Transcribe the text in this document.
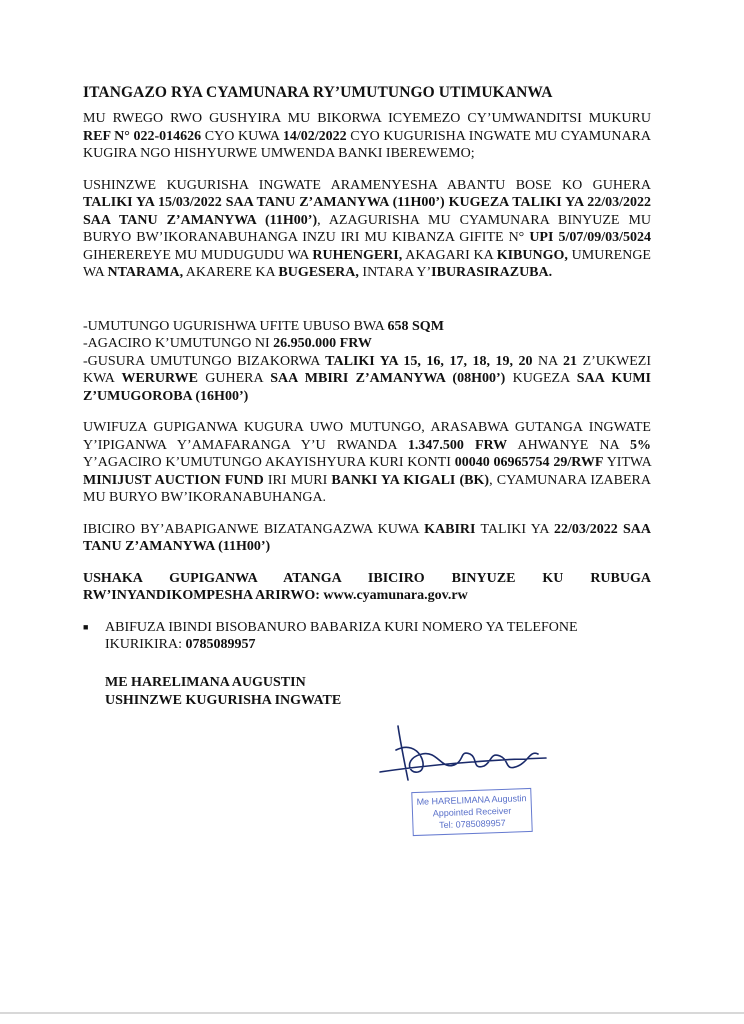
ITANGAZO RYA CYAMUNARA RY’UMUTUNGO UTIMUKANWA

MU RWEGO RWO GUSHYIRA MU BIKORWA ICYEMEZO CY’UMWANDITSI MUKURU REF N° 022-014626 CYO KUWA 14/02/2022 CYO KUGURISHA INGWATE MU CYAMUNARA KUGIRA NGO HISHYURWE UMWENDA BANKI IBEREWEMO;

USHINZWE KUGURISHA INGWATE ARAMENYESHA ABANTU BOSE KO GUHERA TALIKI YA 15/03/2022 SAA TANU Z’AMANYWA (11H00’) KUGEZA TALIKI YA 22/03/2022 SAA TANU Z’AMANYWA (11H00’), AZAGURISHA MU CYAMUNARA BINYUZE MU BURYO BW’IKORANABUHANGA INZU IRI MU KIBANZA GIFITE N° UPI 5/07/09/03/5024 GIHEREREYE MU MUDUGUDU WA RUHENGERI, AKAGARI KA KIBUNGO, UMURENGE WA NTARAMA, AKARERE KA BUGESERA, INTARA Y’IBURASIRAZUBA.

-UMUTUNGO UGURISHWA UFITE UBUSO BWA 658 SQM

-AGACIRO K’UMUTUNGO NI 26.950.000 FRW

-GUSURA UMUTUNGO BIZAKORWA TALIKI YA 15, 16, 17, 18, 19, 20 NA 21 Z’UKWEZI KWA WERURWE GUHERA SAA MBIRI Z’AMANYWA (08H00’) KUGEZA SAA KUMI Z’UMUGOROBA (16H00’)

UWIFUZA GUPIGANWA KUGURA UWO MUTUNGO, ARASABWA GUTANGA INGWATE Y’IPIGANWA Y’AMAFARANGA Y’U RWANDA 1.347.500 FRW AHWANYE NA 5% Y’AGACIRO K’UMUTUNGO AKAYISHYURA KURI KONTI 00040 06965754 29/RWF YITWA MINIJUST AUCTION FUND IRI MURI BANKI YA KIGALI (BK), CYAMUNARA IZABERA MU BURYO BW’IKORANABUHANGA.

IBICIRO BY’ABAPIGANWE BIZATANGAZWA KUWA KABIRI TALIKI YA 22/03/2022 SAA TANU Z’AMANYWA (11H00’)

USHAKA GUPIGANWA ATANGA IBICIRO BINYUZE KU RUBUGA RW’INYANDIKOMPESHA ARIRWO: www.cyamunara.gov.rw

■	ABIFUZA IBINDI BISOBANURO BABARIZA KURI NOMERO YA TELEFONE IKURIKIRA: 0785089957
ME HARELIMANA AUGUSTIN
USHINZWE KUGURISHA INGWATE
Me HARELIMANA Augustin
Appointed Receiver
Tel: 0785089957
